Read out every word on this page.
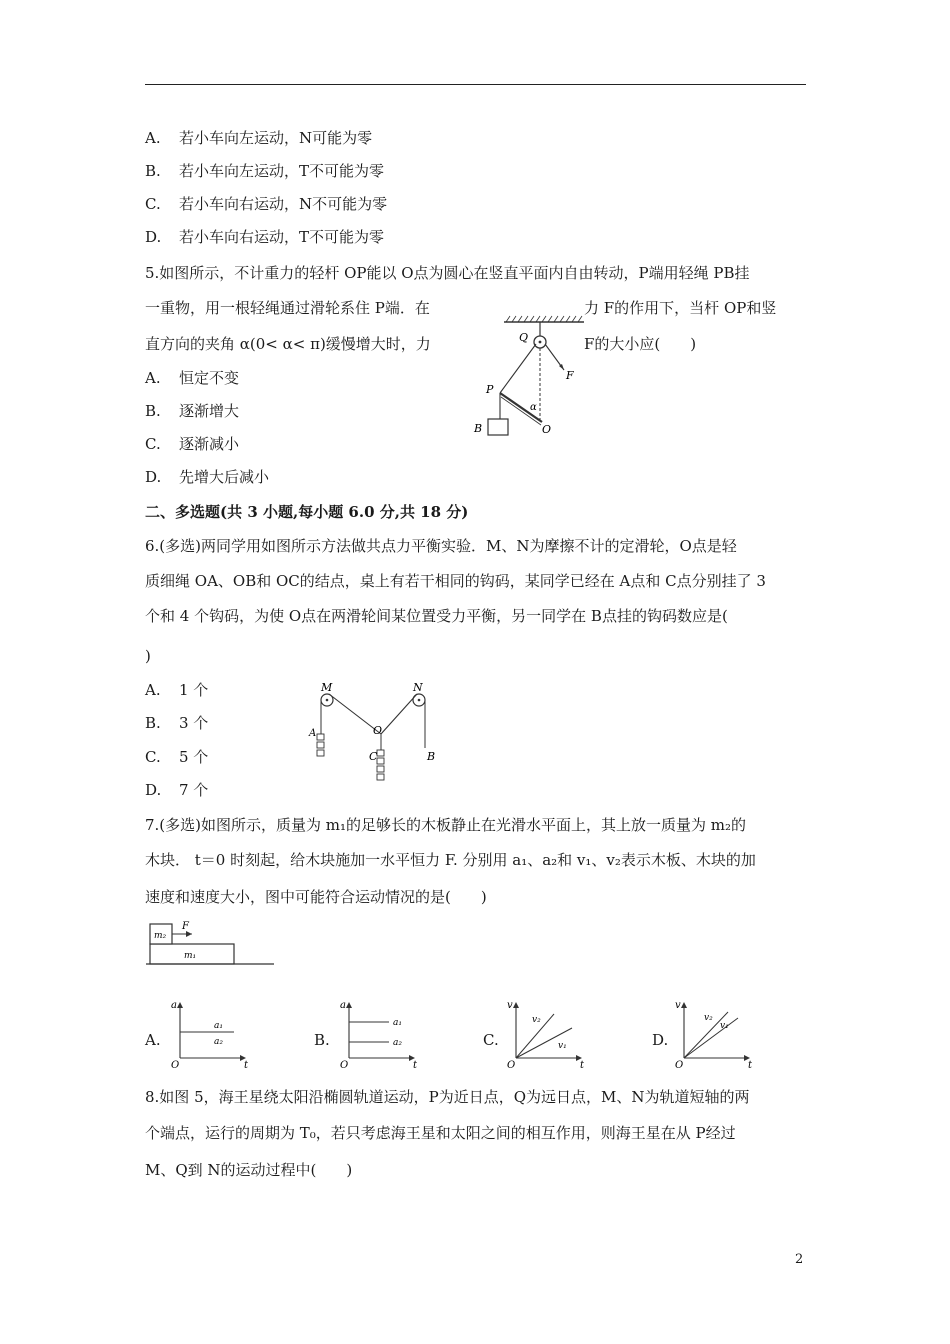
A. 若小车向左运动，N可能为零
B. 若小车向左运动，T不可能为零
C. 若小车向右运动，N不可能为零
D. 若小车向右运动，T不可能为零
5.如图所示，不计重力的轻杆 OP能以 O点为圆心在竖直平面内自由转动，P端用轻绳 PB挂
一重物，用一根轻绳通过滑轮系住 P端．在	力 F的作用下，当杆 OP和竖
直方向的夹角 α(0< α< π)缓慢增大时，力	F的大小应(　　)
A. 恒定不变
B. 逐渐增大
C. 逐渐减小
D. 先增大后减小
Q
F
P
α
B	O
二、多选题(共 3 小题,每小题 6.0 分,共 18 分)
6.(多选)两同学用如图所示方法做共点力平衡实验．M、N为摩擦不计的定滑轮，O点是轻
质细绳 OA、OB和 OC的结点，桌上有若干相同的钩码，某同学已经在 A点和 C点分别挂了 3
个和 4 个钩码，为使 O点在两滑轮间某位置受力平衡，另一同学在 B点挂的钩码数应是(
)
A. 1 个
B. 3 个
C. 5 个
D. 7 个
M	N
A	O
C	B
7.(多选)如图所示，质量为 m₁的足够长的木板静止在光滑水平面上，其上放一质量为 m₂的
木块． t＝0 时刻起，给木块施加一水平恒力 F. 分别用 a₁、a₂和 v₁、v₂表示木板、木块的加
速度和速度大小，图中可能符合运动情况的是(　　)
m₂
F
m₁
A.
a
t
O
a₁
a₂	B.
a
t
O
a₁
a₂	C.
v
t
O
v₂
v₁	D.
v
t
O
v₂
v₁
8.如图 5，海王星绕太阳沿椭圆轨道运动，P为近日点，Q为远日点，M、N为轨道短轴的两
个端点，运行的周期为 T₀，若只考虑海王星和太阳之间的相互作用，则海王星在从 P经过
M、Q到 N的运动过程中(　　)
2
